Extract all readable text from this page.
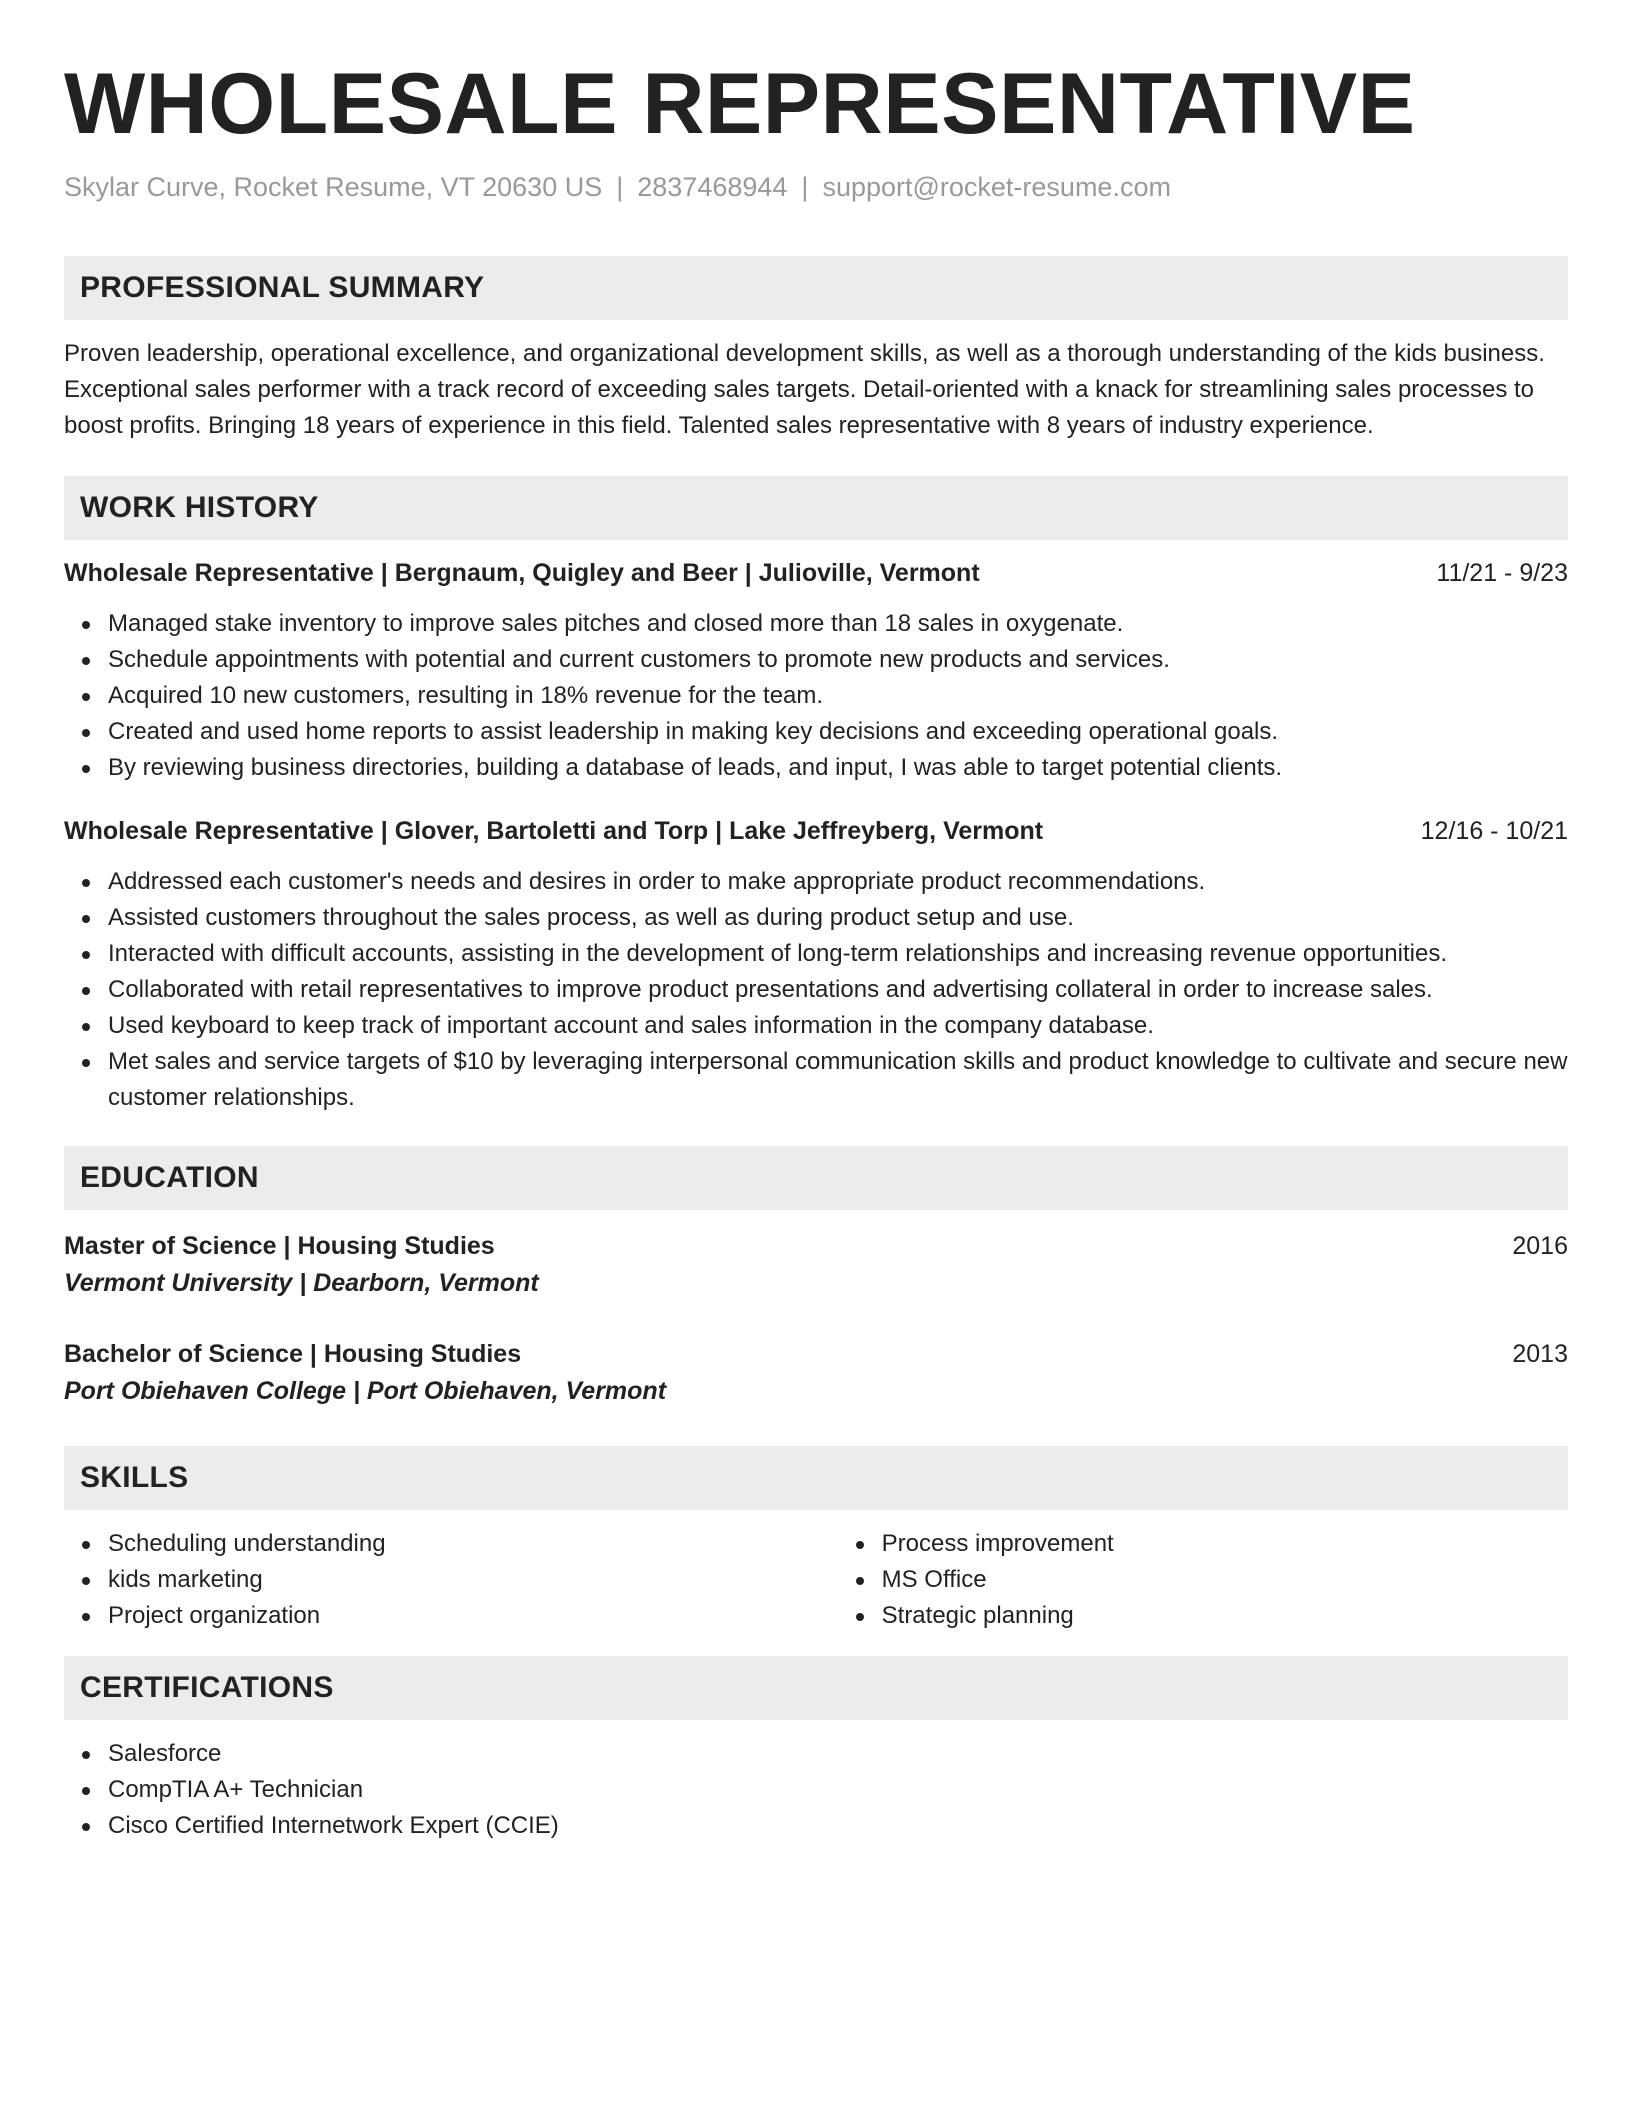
WHOLESALE REPRESENTATIVE
Skylar Curve, Rocket Resume, VT 20630 US | 2837468944 | support@rocket-resume.com
PROFESSIONAL SUMMARY
Proven leadership, operational excellence, and organizational development skills, as well as a thorough understanding of the kids business. Exceptional sales performer with a track record of exceeding sales targets. Detail-oriented with a knack for streamlining sales processes to boost profits. Bringing 18 years of experience in this field. Talented sales representative with 8 years of industry experience.
WORK HISTORY
Wholesale Representative | Bergnaum, Quigley and Beer | Julioville, Vermont	11/21 - 9/23
Managed stake inventory to improve sales pitches and closed more than 18 sales in oxygenate.
Schedule appointments with potential and current customers to promote new products and services.
Acquired 10 new customers, resulting in 18% revenue for the team.
Created and used home reports to assist leadership in making key decisions and exceeding operational goals.
By reviewing business directories, building a database of leads, and input, I was able to target potential clients.
Wholesale Representative | Glover, Bartoletti and Torp | Lake Jeffreyberg, Vermont	12/16 - 10/21
Addressed each customer's needs and desires in order to make appropriate product recommendations.
Assisted customers throughout the sales process, as well as during product setup and use.
Interacted with difficult accounts, assisting in the development of long-term relationships and increasing revenue opportunities.
Collaborated with retail representatives to improve product presentations and advertising collateral in order to increase sales.
Used keyboard to keep track of important account and sales information in the company database.
Met sales and service targets of $10 by leveraging interpersonal communication skills and product knowledge to cultivate and secure new customer relationships.
EDUCATION
Master of Science | Housing Studies	2016
Vermont University | Dearborn, Vermont
Bachelor of Science | Housing Studies	2013
Port Obiehaven College | Port Obiehaven, Vermont
SKILLS
Scheduling understanding
kids marketing
Project organization
Process improvement
MS Office
Strategic planning
CERTIFICATIONS
Salesforce
CompTIA A+ Technician
Cisco Certified Internetwork Expert (CCIE)
